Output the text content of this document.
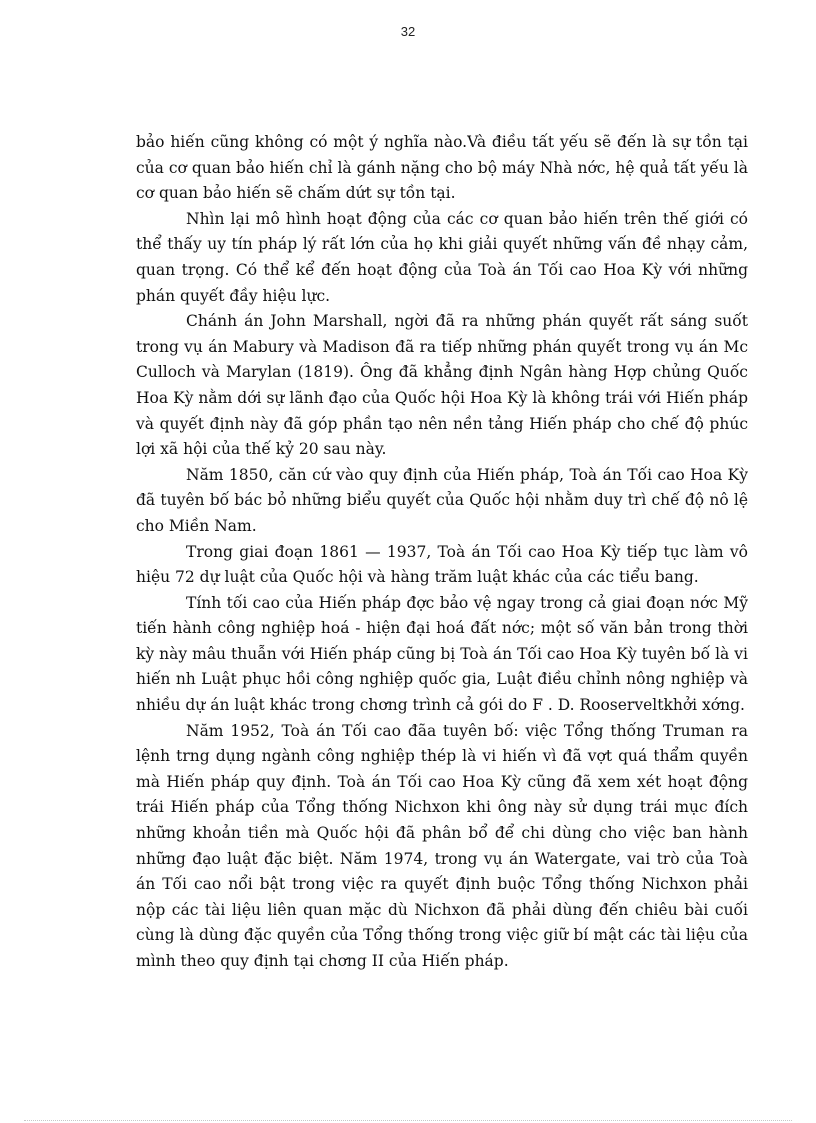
32

bảo hiến cũng không có một ý nghĩa nào.Và điều tất yếu sẽ đến là sự tồn tại của cơ quan bảo hiến chỉ là gánh nặng cho bộ máy Nhà nớc, hệ quả tất yếu là cơ quan bảo hiến sẽ chấm dứt sự tồn tại.

Nhìn lại mô hình hoạt động của các cơ quan bảo hiến trên thế giới có thể thấy uy tín pháp lý rất lớn của họ khi giải quyết những vấn đề nhạy cảm, quan trọng. Có thể kể đến hoạt động của Toà án Tối cao Hoa Kỳ với những phán quyết đầy hiệu lực.

Chánh án John Marshall, ngời đã ra những phán quyết rất sáng suốt trong vụ án Mabury và Madison đã ra tiếp những phán quyết trong vụ án Mc Culloch và Marylan (1819). Ông đã khẳng định Ngân hàng Hợp chủng Quốc Hoa Kỳ nằm dới sự lãnh đạo của Quốc hội Hoa Kỳ là không trái với Hiến pháp và quyết định này đã góp phần tạo nên nền tảng Hiến pháp cho chế độ phúc lợi xã hội của thế kỷ 20 sau này.

Năm 1850, căn cứ vào quy định của Hiến pháp, Toà án Tối cao Hoa Kỳ đã tuyên bố bác bỏ những biểu quyết của Quốc hội nhằm duy trì chế độ nô lệ cho Miền Nam.

Trong giai đoạn 1861 — 1937, Toà án Tối cao Hoa Kỳ tiếp tục làm vô hiệu 72 dự luật của Quốc hội và hàng trăm luật khác của các tiểu bang.

Tính tối cao của Hiến pháp đợc bảo vệ ngay trong cả giai đoạn nớc Mỹ tiến hành công nghiệp hoá - hiện đại hoá đất nớc; một số văn bản trong thời kỳ này mâu thuẫn với Hiến pháp cũng bị Toà án Tối cao Hoa Kỳ tuyên bố là vi hiến nh Luật phục hồi công nghiệp quốc gia, Luật điều chỉnh nông nghiệp và nhiều dự án luật khác trong chơng trình cả gói do F . D. Rooserveltkhởi xớng.

Năm 1952, Toà án Tối cao đãa tuyên bố: việc Tổng thống Truman ra lệnh trng dụng ngành công nghiệp thép là vi hiến vì đã vợt quá thẩm quyền mà Hiến pháp quy định. Toà án Tối cao Hoa Kỳ cũng đã xem xét hoạt động trái Hiến pháp của Tổng thống Nichxon khi ông này sử dụng trái mục đích những khoản tiền mà Quốc hội đã phân bổ để chi dùng cho việc ban hành những đạo luật đặc biệt. Năm 1974, trong vụ án Watergate, vai trò của Toà án Tối cao nổi bật trong việc ra quyết định buộc Tổng thống Nichxon phải nộp các tài liệu liên quan mặc dù Nichxon đã phải dùng đến chiêu bài cuối cùng là dùng đặc quyền của Tổng thống trong việc giữ bí mật các tài liệu của mình theo quy định tại chơng II của Hiến pháp.
